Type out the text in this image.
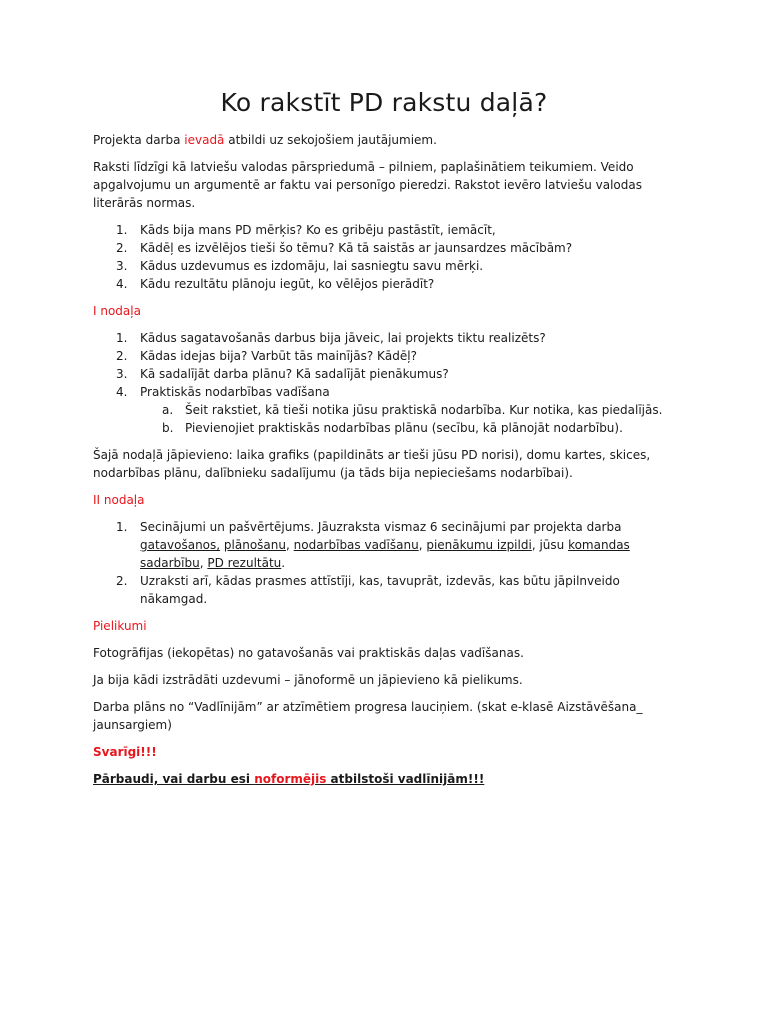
Ko rakstīt PD rakstu daļā?

Projekta darba ievadā atbildi uz sekojošiem jautājumiem.

Raksti līdzīgi kā latviešu valodas pārspriedumā – pilniem, paplašinātiem teikumiem. Veido apgalvojumu un argumentē ar faktu vai personīgo pieredzi. Rakstot ievēro latviešu valodas literārās normas.

1. Kāds bija mans PD mērķis? Ko es gribēju pastāstīt, iemācīt,
2. Kādēļ es izvēlējos tieši šo tēmu? Kā tā saistās ar jaunsardzes mācībām?
3. Kādus uzdevumus es izdomāju, lai sasniegtu savu mērķi.
4. Kādu rezultātu plānoju iegūt, ko vēlējos pierādīt?

I nodaļa

1. Kādus sagatavošanās darbus bija jāveic, lai projekts tiktu realizēts?
2. Kādas idejas bija? Varbūt tās mainījās? Kādēļ?
3. Kā sadalījāt darba plānu? Kā sadalījāt pienākumus?
4. Praktiskās nodarbības vadīšana
a. Šeit rakstiet, kā tieši notika jūsu praktiskā nodarbība. Kur notika, kas piedalījās.
b. Pievienojiet praktiskās nodarbības plānu (secību, kā plānojāt nodarbību).

Šajā nodaļā jāpievieno: laika grafiks (papildināts ar tieši jūsu PD norisi), domu kartes, skices, nodarbības plānu, dalībnieku sadalījumu (ja tāds bija nepieciešams nodarbībai).

II nodaļa

1. Secinājumi un pašvērtējums. Jāuzraksta vismaz 6 secinājumi par projekta darba gatavošanos, plānošanu, nodarbības vadīšanu, pienākumu izpildi, jūsu komandas sadarbību, PD rezultātu.
2. Uzraksti arī, kādas prasmes attīstīji, kas, tavuprāt, izdevās, kas būtu jāpilnveido nākamgad.

Pielikumi

Fotogrāfijas (iekopētas) no gatavošanās vai praktiskās daļas vadīšanas.

Ja bija kādi izstrādāti uzdevumi – jānoformē un jāpievieno kā pielikums.

Darba plāns no “Vadlīnijām” ar atzīmētiem progresa lauciņiem. (skat e-klasē Aizstāvēšana_ jaunsargiem)

Svarīgi!!!

Pārbaudi, vai darbu esi noformējis atbilstoši vadlīnijām!!!
